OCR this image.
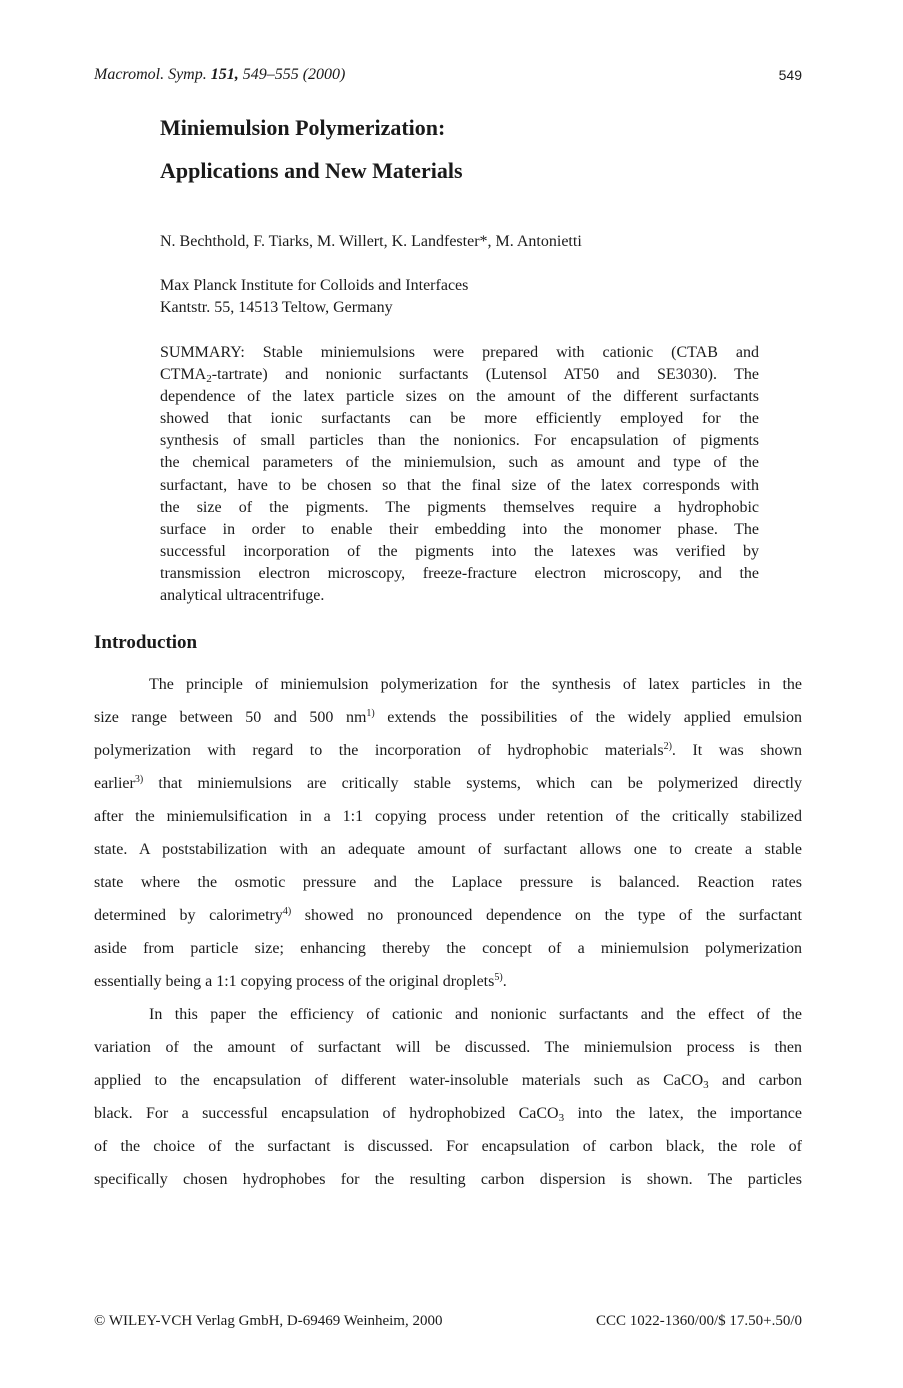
Macromol. Symp. 151, 549–555 (2000)	549
Miniemulsion Polymerization:
Applications and New Materials
N. Bechthold, F. Tiarks, M. Willert, K. Landfester*, M. Antonietti
Max Planck Institute for Colloids and Interfaces
Kantstr. 55, 14513 Teltow, Germany
SUMMARY: Stable miniemulsions were prepared with cationic (CTAB and
$CTMA_2-tartrate$) and nonionic surfactants (Lutensol AT50 and SE3030). The
dependence of the latex particle sizes on the amount of the different surfactants
showed that ionic surfactants can be more efficiently employed for the
synthesis of small particles than the nonionics. For encapsulation of pigments
the chemical parameters of the miniemulsion, such as amount and type of the
surfactant, have to be chosen so that the final size of the latex corresponds with
the size of the pigments. The pigments themselves require a hydrophobic
surface in order to enable their embedding into the monomer phase. The
successful incorporation of the pigments into the latexes was verified by
transmission electron microscopy, freeze-fracture electron microscopy, and the
analytical ultracentrifuge.
Introduction
The principle of miniemulsion polymerization for the synthesis of latex particles in the
size range between 50 and 500 $nm^{1)}$ extends the possibilities of the widely applied emulsion
polymerization with regard to the incorporation of hydrophobic materials$^{2)}$. It was shown
earlier$^{3)}$ that miniemulsions are critically stable systems, which can be polymerized directly
after the miniemulsification in a 1:1 copying process under retention of the critically stabilized
state. A poststabilization with an adequate amount of surfactant allows one to create a stable
state where the osmotic pressure and the Laplace pressure is balanced. Reaction rates
determined by calorimetry$^{4)}$ showed no pronounced dependence on the type of the surfactant
aside from particle size; enhancing thereby the concept of a miniemulsion polymerization
essentially being a 1:1 copying process of the original droplets$^{5)}$.
In this paper the efficiency of cationic and nonionic surfactants and the effect of the
variation of the amount of surfactant will be discussed. The miniemulsion process is then
applied to the encapsulation of different water-insoluble materials such as CaCO$_3$ and carbon
black. For a successful encapsulation of hydrophobized CaCO$_3$ into the latex, the importance
of the choice of the surfactant is discussed. For encapsulation of carbon black, the role of
specifically chosen hydrophobes for the resulting carbon dispersion is shown. The particles
© WILEY-VCH Verlag GmbH, D-69469 Weinheim, 2000	CCC 1022-1360/00/$ 17.50+.50/0
